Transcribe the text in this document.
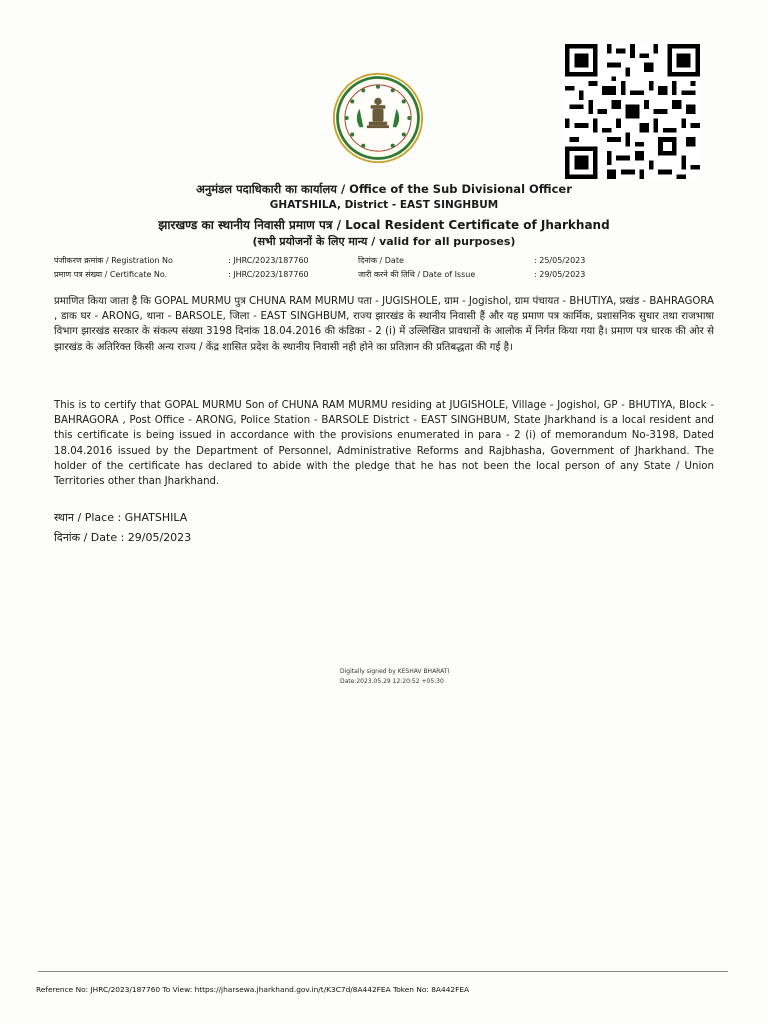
अनुमंडल पदाधिकारी का कार्यालय / Office of the Sub Divisional Officer
GHATSHILA, District - EAST SINGHBUM
झारखण्ड का स्थानीय निवासी प्रमाण पत्र / Local Resident Certificate of Jharkhand
(सभी प्रयोजनों के लिए मान्य / valid for all purposes)
पंजीकरण क्रमांक / Registration No	: JHRC/2023/187760	दिनांक / Date	: 25/05/2023
प्रमाण पत्र संख्या / Certificate No.	: JHRC/2023/187760	जारी करने की तिथि / Date of Issue	: 29/05/2023

प्रमाणित किया जाता है कि GOPAL MURMU पुत्र CHUNA RAM MURMU पता - JUGISHOLE, ग्राम - Jogishol, ग्राम पंचायत - BHUTIYA, प्रखंड - BAHRAGORA , डाक घर - ARONG, थाना - BARSOLE, जिला - EAST SINGHBUM, राज्य झारखंड के स्थानीय निवासी हैं और यह प्रमाण पत्र कार्मिक, प्रशासनिक सुधार तथा राजभाषा विभाग झारखंड सरकार के संकल्प संख्या 3198 दिनांक 18.04.2016 की कंडिका - 2 (i) में उल्लिखित प्रावधानों के आलोक में निर्गत किया गया है। प्रमाण पत्र धारक की ओर से झारखंड के अतिरिक्त किसी अन्य राज्य / केंद्र शासित प्रदेश के स्थानीय निवासी नही होने का प्रतिज्ञान की प्रतिबद्धता की गई है।

This is to certify that GOPAL MURMU Son of CHUNA RAM MURMU residing at JUGISHOLE, Village - Jogishol, GP - BHUTIYA, Block - BAHRAGORA , Post Office - ARONG, Police Station - BARSOLE District - EAST SINGHBUM, State Jharkhand is a local resident and this certificate is being issued in accordance with the provisions enumerated in para - 2 (i) of memorandum No-3198, Dated 18.04.2016 issued by the Department of Personnel, Administrative Reforms and Rajbhasha, Government of Jharkhand. The holder of the certificate has declared to abide with the pledge that he has not been the local person of any State / Union Territories other than Jharkhand.

स्थान / Place : GHATSHILA
दिनांक / Date : 29/05/2023
Digitally signed by KESHAV BHARATI
Date:2023.05.29 12:20:52 +05:30
Reference No: JHRC/2023/187760 To View: https://jharsewa.jharkhand.gov.in/t/K3C7d/8A442FEA Token No: 8A442FEA
